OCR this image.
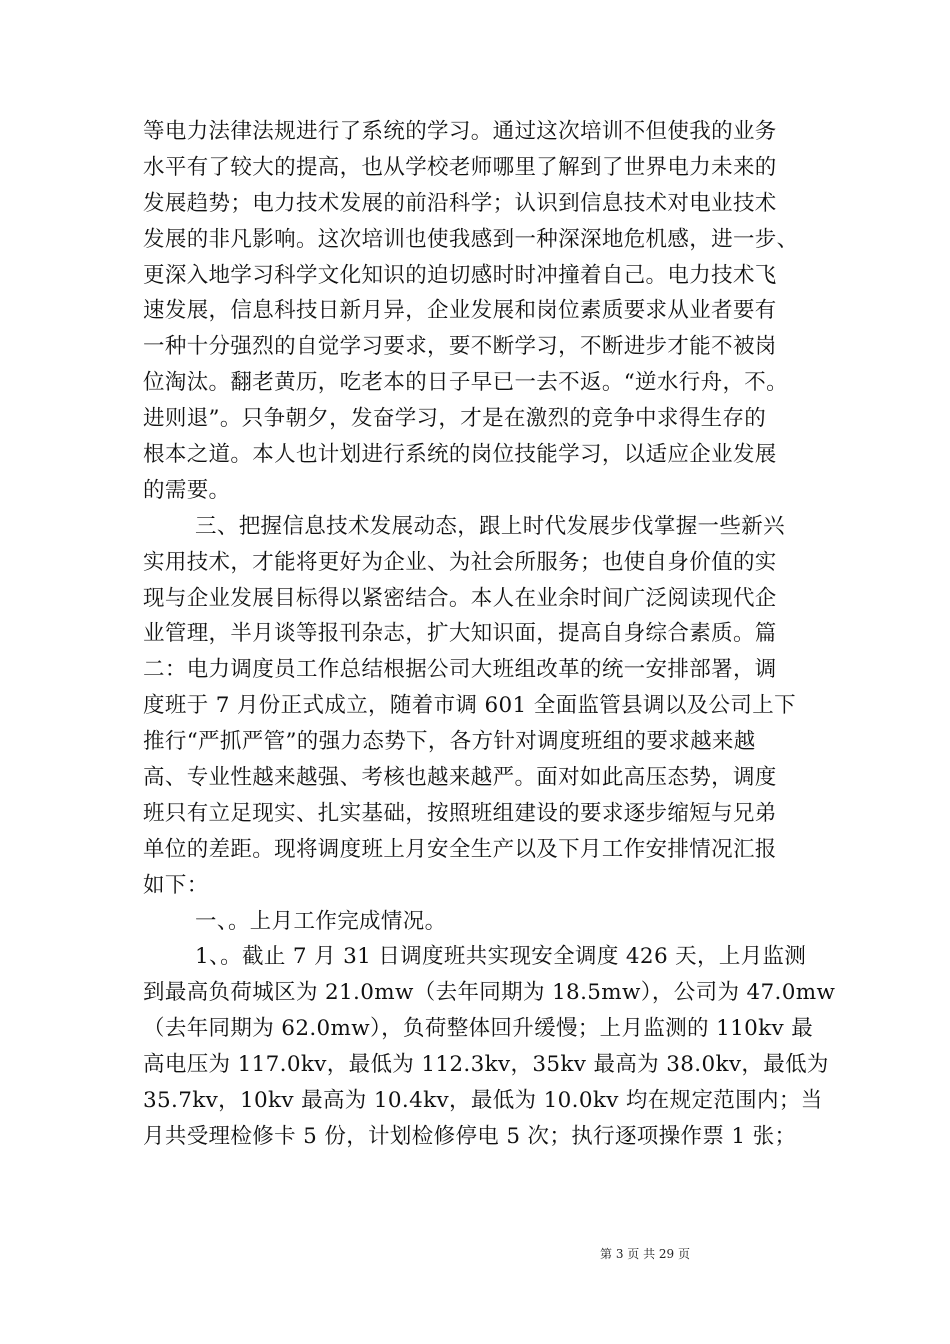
等电力法律法规进行了系统的学习。通过这次培训不但使我的业务
水平有了较大的提高，也从学校老师哪里了解到了世界电力未来的
发展趋势；电力技术发展的前沿科学；认识到信息技术对电业技术
发展的非凡影响。这次培训也使我感到一种深深地危机感，进一步、
更深入地学习科学文化知识的迫切感时时冲撞着自己。电力技术飞
速发展，信息科技日新月异，企业发展和岗位素质要求从业者要有
一种十分强烈的自觉学习要求，要不断学习，不断进步才能不被岗
位淘汰。翻老黄历，吃老本的日子早已一去不返。“逆水行舟，不。
进则退”。只争朝夕，发奋学习，才是在激烈的竞争中求得生存的
根本之道。本人也计划进行系统的岗位技能学习，以适应企业发展
的需要。
三、把握信息技术发展动态，跟上时代发展步伐掌握一些新兴
实用技术，才能将更好为企业、为社会所服务；也使自身价值的实
现与企业发展目标得以紧密结合。本人在业余时间广泛阅读现代企
业管理，半月谈等报刊杂志，扩大知识面，提高自身综合素质。篇
二：电力调度员工作总结根据公司大班组改革的统一安排部署，调
度班于 7 月份正式成立，随着市调 601 全面监管县调以及公司上下
推行“严抓严管”的强力态势下，各方针对调度班组的要求越来越
高、专业性越来越强、考核也越来越严。面对如此高压态势，调度
班只有立足现实、扎实基础，按照班组建设的要求逐步缩短与兄弟
单位的差距。现将调度班上月安全生产以及下月工作安排情况汇报
如下：
一、。上月工作完成情况。
1、。截止 7 月 31 日调度班共实现安全调度 426 天，上月监测
到最高负荷城区为 21.0mw（去年同期为 18.5mw），公司为 47.0mw
（去年同期为 62.0mw），负荷整体回升缓慢；上月监测的 110kv 最
高电压为 117.0kv，最低为 112.3kv，35kv 最高为 38.0kv，最低为
35.7kv，10kv 最高为 10.4kv，最低为 10.0kv 均在规定范围内；当
月共受理检修卡 5 份，计划检修停电 5 次；执行逐项操作票 1 张；
第 3 页 共 29 页
